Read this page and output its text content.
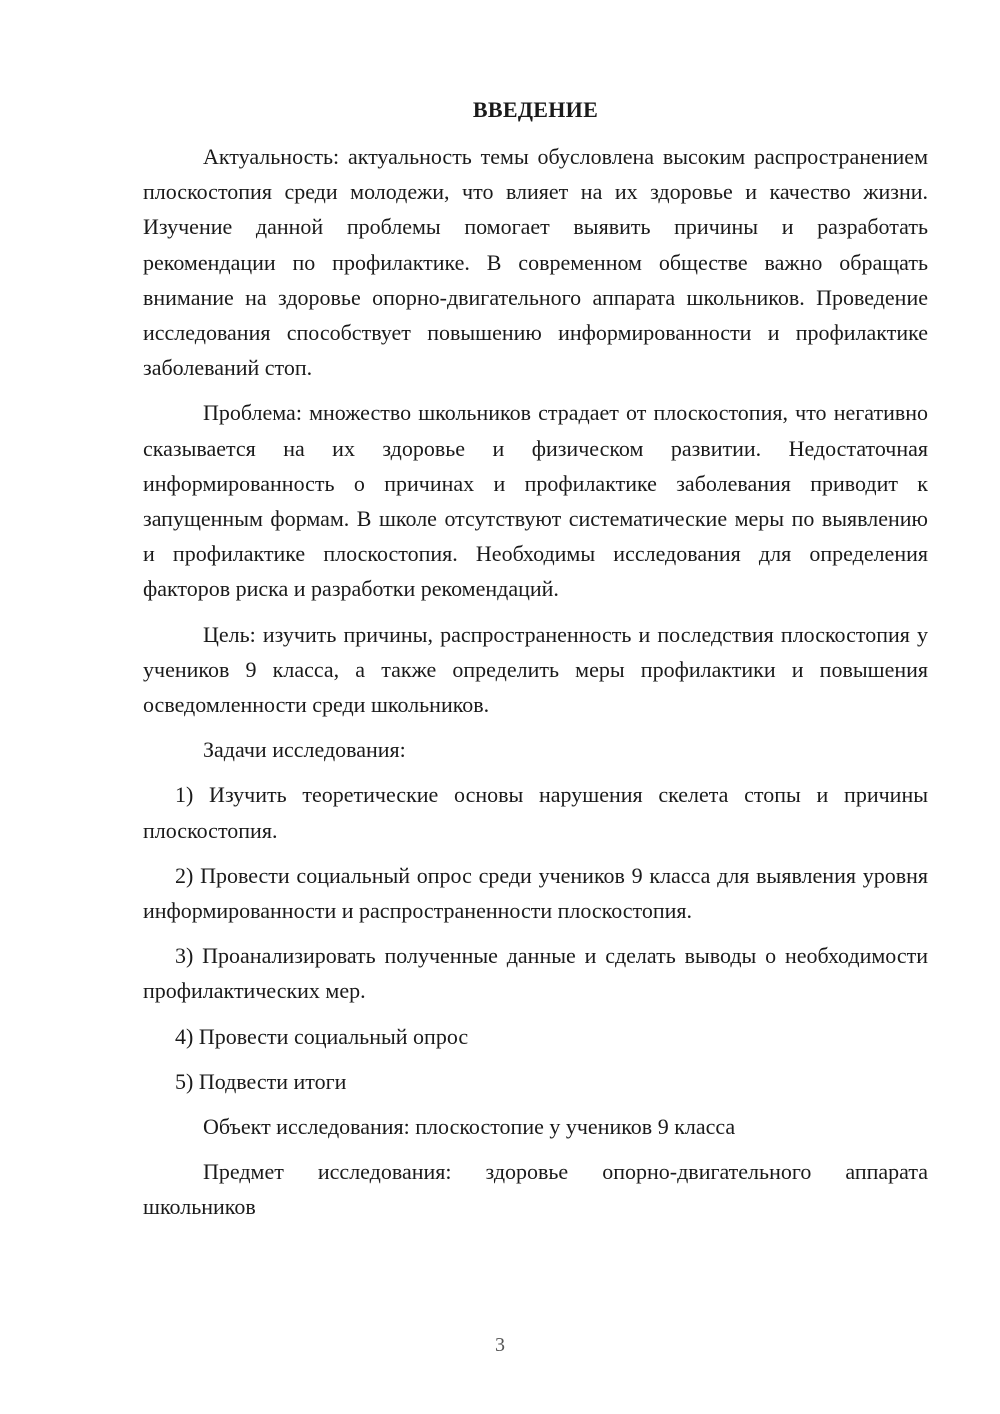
ВВЕДЕНИЕ

Актуальность: актуальность темы обусловлена высоким распространением плоскостопия среди молодежи, что влияет на их здоровье и качество жизни. Изучение данной проблемы помогает выявить причины и разработать рекомендации по профилактике. В современном обществе важно обращать внимание на здоровье опорно-двигательного аппарата школьников. Проведение исследования способствует повышению информированности и профилактике заболеваний стоп.

Проблема: множество школьников страдает от плоскостопия, что негативно сказывается на их здоровье и физическом развитии. Недостаточная информированность о причинах и профилактике заболевания приводит к запущенным формам. В школе отсутствуют систематические меры по выявлению и профилактике плоскостопия. Необходимы исследования для определения факторов риска и разработки рекомендаций.

Цель: изучить причины, распространенность и последствия плоскостопия у учеников 9 класса, а также определить меры профилактики и повышения осведомленности среди школьников.

Задачи исследования:

1) Изучить теоретические основы нарушения скелета стопы и причины плоскостопия.

2) Провести социальный опрос среди учеников 9 класса для выявления уровня информированности и распространенности плоскостопия.

3) Проанализировать полученные данные и сделать выводы о необходимости профилактических мер.

4) Провести социальный опрос

5) Подвести итоги

Объект исследования: плоскостопие у учеников 9 класса

Предмет исследования: здоровье опорно-двигательного аппарата школьников

3
